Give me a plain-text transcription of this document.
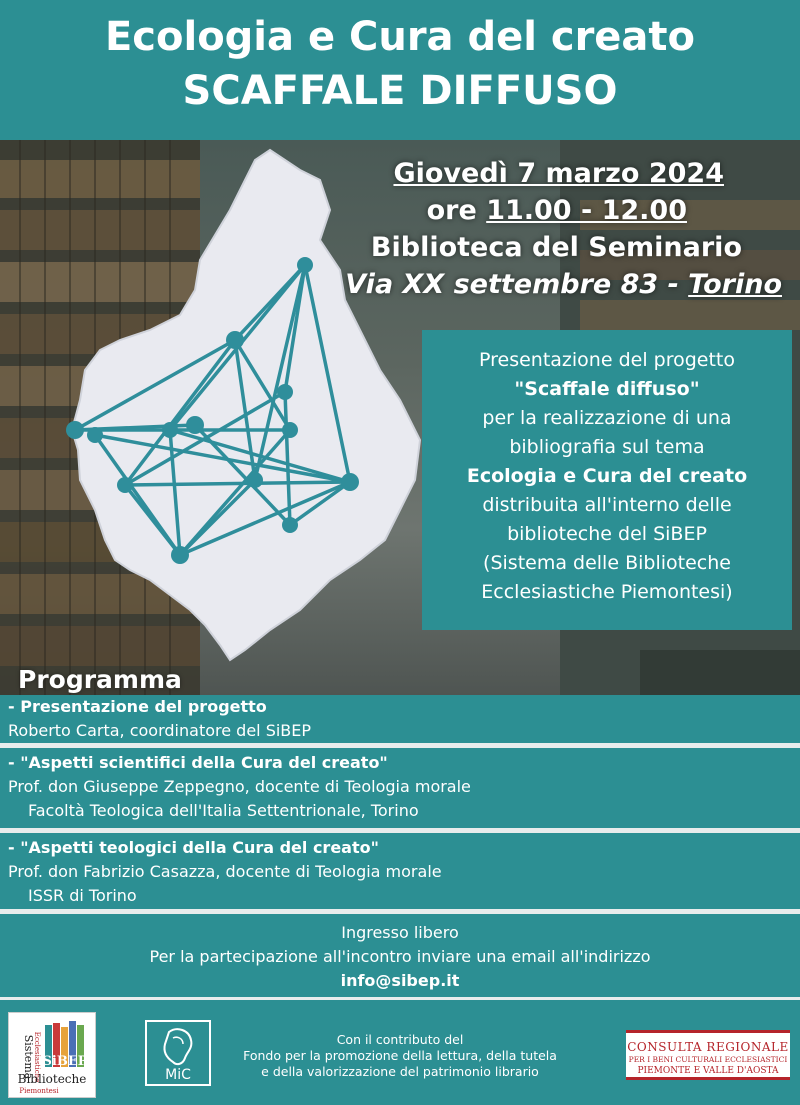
Ecologia e Cura del creato
SCAFFALE DIFFUSO
Giovedì 7 marzo 2024
ore 11.00 - 12.00
Biblioteca del Seminario
Via XX settembre 83 - Torino
Presentazione del progetto
"Scaffale diffuso"
per la realizzazione di una
bibliografia sul tema
Ecologia e Cura del creato
distribuita all'interno delle
biblioteche del SiBEP
(Sistema delle Biblioteche
Ecclesiastiche Piemontesi)
Programma
- Presentazione del progetto
Roberto Carta, coordinatore del SiBEP
- "Aspetti scientifici della Cura del creato"
Prof. don Giuseppe Zeppegno, docente di Teologia morale
Facoltà Teologica dell'Italia Settentrionale, Torino
- "Aspetti teologici della Cura del creato"
Prof. don Fabrizio Casazza, docente di Teologia morale
ISSR di Torino
Ingresso libero
Per la partecipazione all'incontro inviare una email all'indirizzo
info@sibep.it
Sistema
Ecclesiastiche SiBEP
Biblioteche
Piemontesi
MiC
Con il contributo del
Fondo per la promozione della lettura, della tutela
e della valorizzazione del patrimonio librario
CONSULTA REGIONALE
PER I BENI CULTURALI ECCLESIASTICI
PIEMONTE E VALLE D'AOSTA
